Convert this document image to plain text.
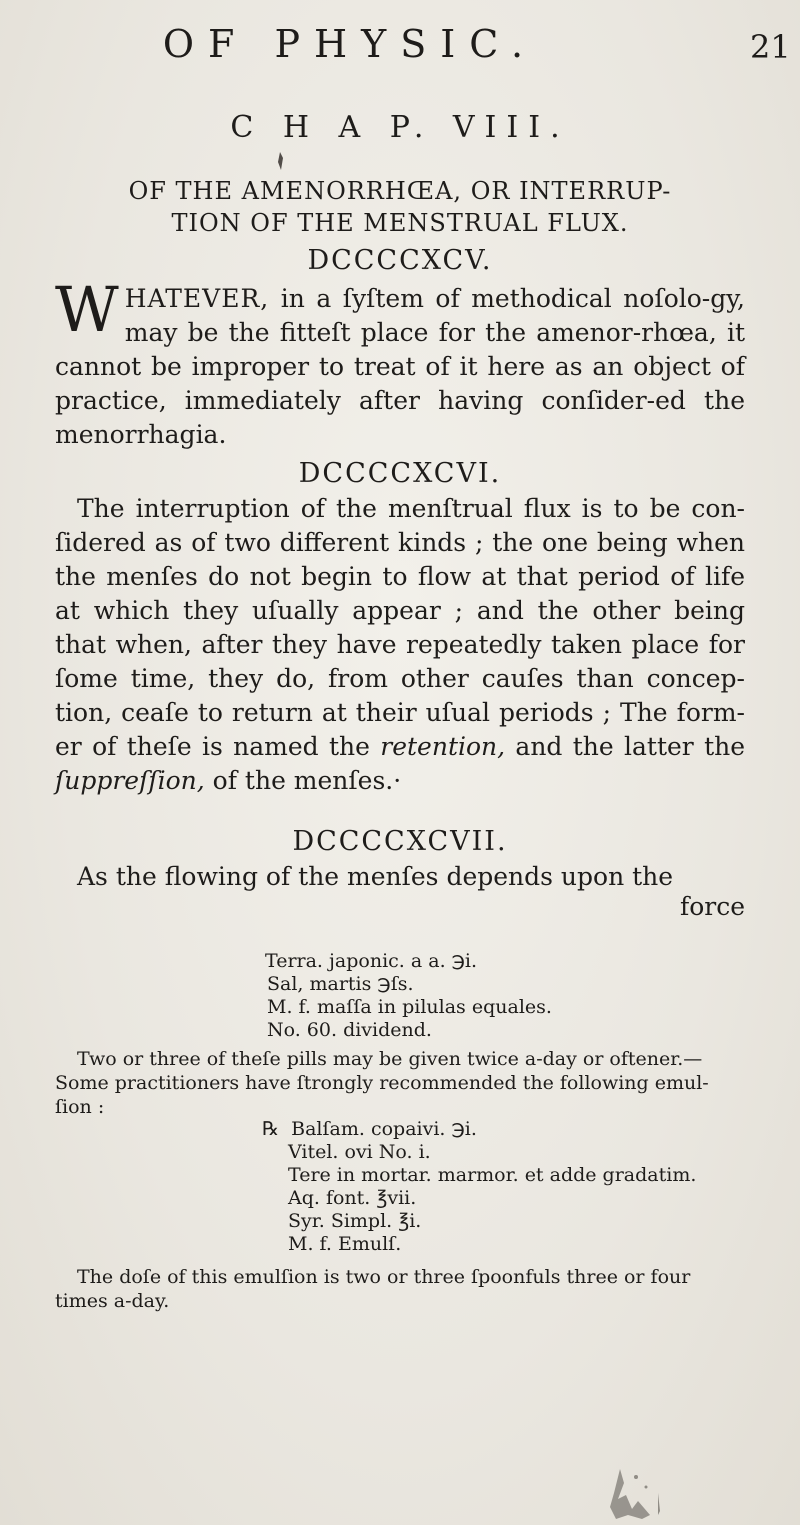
OF PHYSIC.	21
C H A P. VIII.
OF THE AMENORRHŒA, OR INTERRUP-
TION OF THE MENSTRUAL FLUX.
DCCCCXCV.
WHATEVER, in a ſyſtem of methodical noſolo-gy, may be the fitteſt place for the amenor-rhœa, it cannot be improper to treat of it here as an object of practice, immediately after having conſider-ed the menorrhagia.
DCCCCXCVI.
The interruption of the menſtrual flux is to be con-ſidered as of two different kinds ; the one being when the menſes do not begin to flow at that period of life at which they uſually appear ; and the other being that when, after they have repeatedly taken place for ſome time, they do, from other cauſes than concep-tion, ceaſe to return at their uſual periods ; The form-er of theſe is named the retention, and the latter the ſuppreſſion, of the menſes.·
DCCCCXCVII.
As the flowing of the menſes depends upon the
force
Terra. japonic. a a. ℈i.
Sal, martis ℈ſs.
M. f. maſſa in pilulas equales.
No. 60. dividend.
Two or three of theſe pills may be given twice a-day or oftener.— Some practitioners have ſtrongly recommended the following emul-ſion :
℞ Balſam. copaivi. ℈i.
Vitel. ovi No. i.
Tere in mortar. marmor. et adde gradatim.
Aq. font. ℥vii.
Syr. Simpl. ℥i.
M. f. Emulſ.
The doſe of this emulſion is two or three ſpoonfuls three or four times a-day.
